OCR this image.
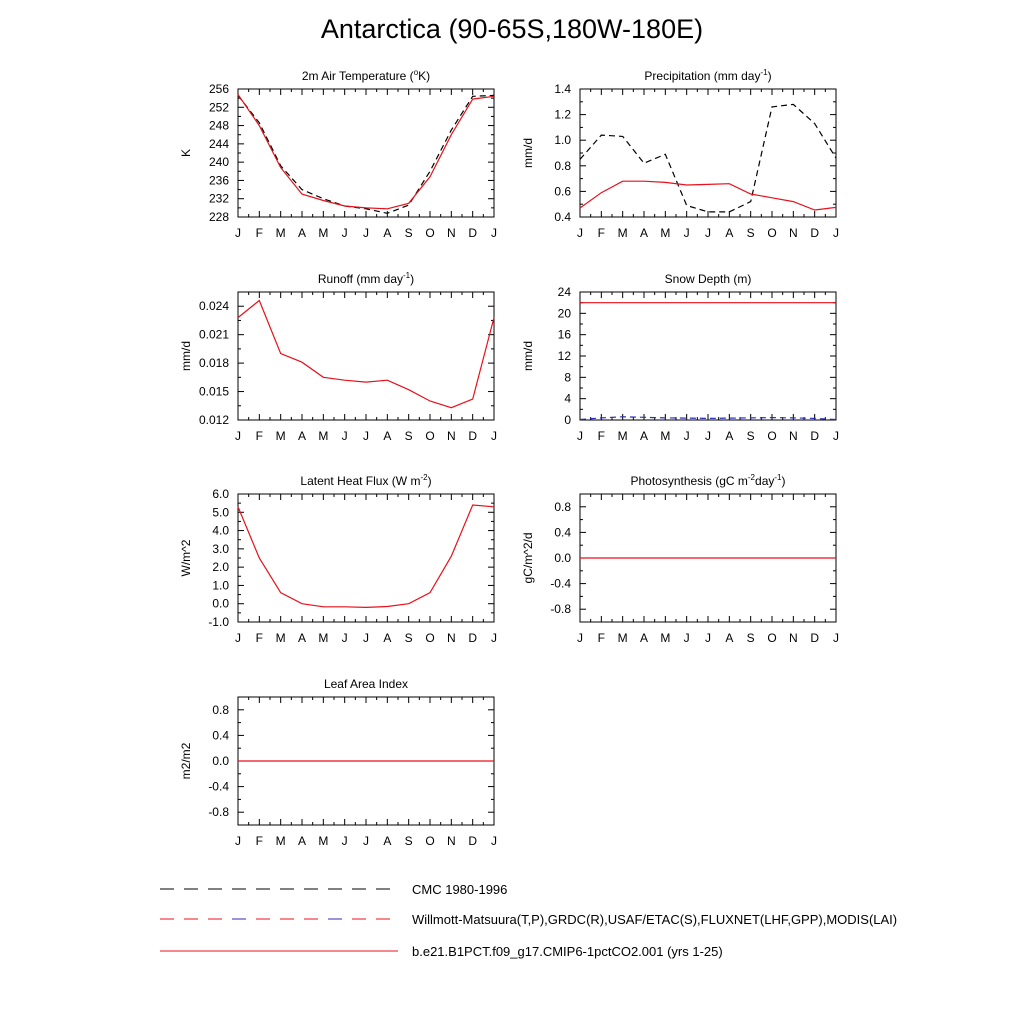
Antarctica (90-65S,180W-180E)
2m Air Temperature ($^o$K)
J F M A M J J A S O N D J
228
232
236
240
244
248
252
256
K
Precipitation (mm day$^{-1}$)
J F M A M J J A S O N D J
0.4
0.6
0.8
1.0
1.2
1.4
mm/d
Runoff (mm day$^{-1}$)
J F M A M J J A S O N D J
0.012
0.015
0.018
0.021
0.024
mm/d
Snow Depth (m)
J F M A M J J A S O N D J
0
4
8
12
16
20
24
mm/d
Latent Heat Flux (W $m^{-2}$)
J F M A M J J A S O N D J
-1.0
0.0
1.0
2.0
3.0
4.0
5.0
6.0
W/m^2
Photosynthesis (gC $m^{-2}day^{-1}$)
J F M A M J J A S O N D J
-0.8
-0.4
0.0
0.4
0.8
gC/m^2/d
Leaf Area Index
J F M A M J J A S O N D J
-0.8
-0.4
0.0
0.4
0.8
m2/m2
CMC 1980-1996
Willmott-Matsuura(T,P),GRDC(R),USAF/ETAC(S),FLUXNET(LHF,GPP),MODIS(LAI)
b.e21.B1PCT.f09_g17.CMIP6-1pctCO2.001 (yrs 1-25)
